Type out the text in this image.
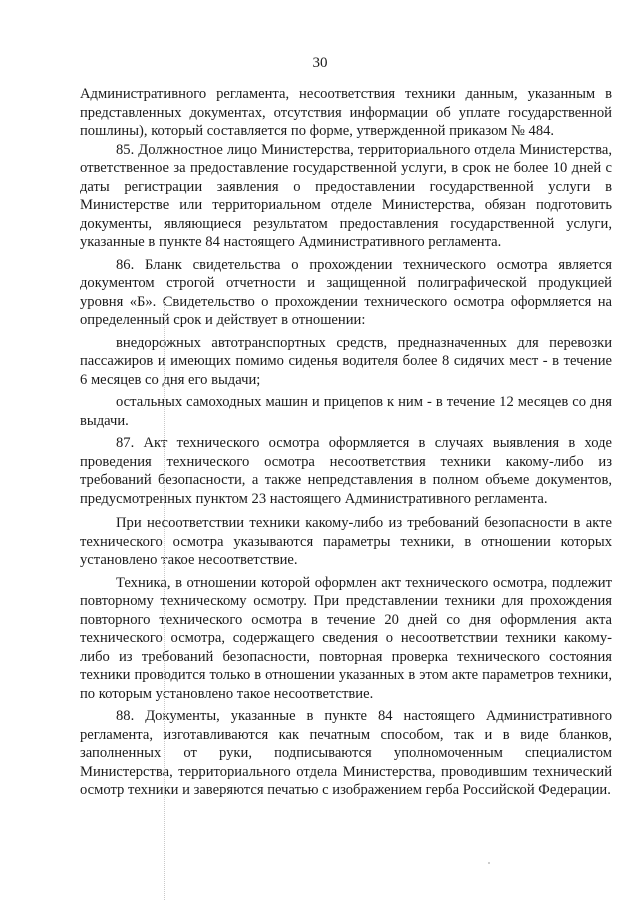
30

Административного регламента, несоответствия техники данным, указанным в представленных документах, отсутствия информации об уплате государственной пошлины), который составляется по форме, утвержденной приказом № 484.

85. Должностное лицо Министерства, территориального отдела Министерства, ответственное за предоставление государственной услуги, в срок не более 10 дней с даты регистрации заявления о предоставлении государственной услуги в Министерстве или территориальном отделе Министерства, обязан подготовить документы, являющиеся результатом предоставления государственной услуги, указанные в пункте 84 настоящего Административного регламента.

86. Бланк свидетельства о прохождении технического осмотра является документом строгой отчетности и защищенной полиграфической продукцией уровня «Б». Свидетельство о прохождении технического осмотра оформляется на определенный срок и действует в отношении:

внедорожных автотранспортных средств, предназначенных для перевозки пассажиров и имеющих помимо сиденья водителя более 8 сидячих мест - в течение 6 месяцев со дня его выдачи;

остальных самоходных машин и прицепов к ним - в течение 12 месяцев со дня выдачи.

87. Акт технического осмотра оформляется в случаях выявления в ходе проведения технического осмотра несоответствия техники какому-либо из требований безопасности, а также непредставления в полном объеме документов, предусмотренных пунктом 23 настоящего Административного регламента.

При несоответствии техники какому-либо из требований безопасности в акте технического осмотра указываются параметры техники, в отношении которых установлено такое несоответствие.

Техника, в отношении которой оформлен акт технического осмотра, подлежит повторному техническому осмотру. При представлении техники для прохождения повторного технического осмотра в течение 20 дней со дня оформления акта технического осмотра, содержащего сведения о несоответствии техники какому-либо из требований безопасности, повторная проверка технического состояния техники проводится только в отношении указанных в этом акте параметров техники, по которым установлено такое несоответствие.

88. Документы, указанные в пункте 84 настоящего Административного регламента, изготавливаются как печатным способом, так и в виде бланков, заполненных от руки, подписываются уполномоченным специалистом Министерства, территориального отдела Министерства, проводившим технический осмотр техники и заверяются печатью с изображением герба Российской Федерации.
